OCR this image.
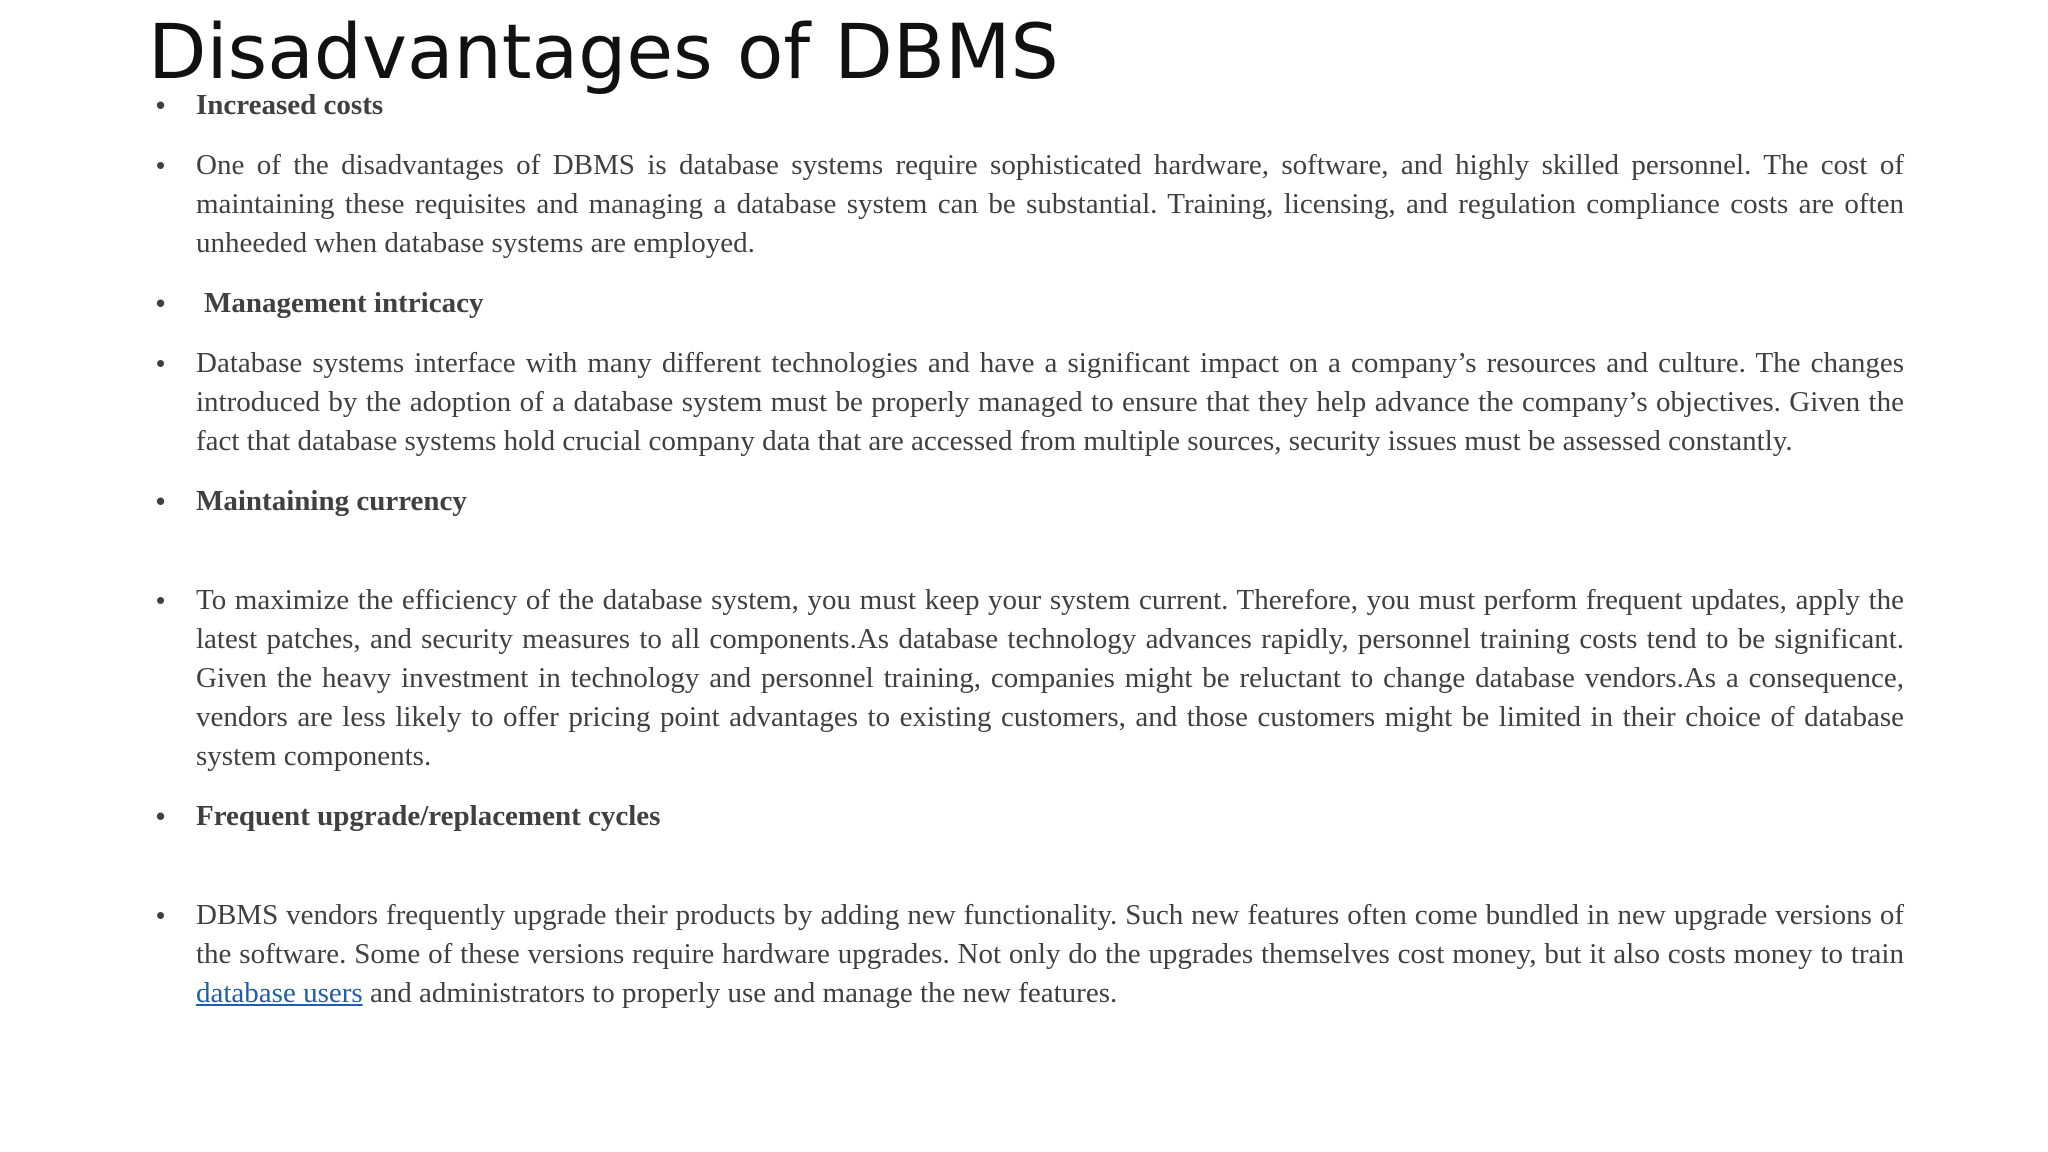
Disadvantages of DBMS
• Increased costs
• One of the disadvantages of DBMS is database systems require sophisticated hardware, software, and highly skilled personnel. The cost of maintaining these requisites and managing a database system can be substantial. Training, licensing, and regulation compliance costs are often unheeded when database systems are employed.
• Management intricacy
• Database systems interface with many different technologies and have a significant impact on a company’s resources and culture. The changes introduced by the adoption of a database system must be properly managed to ensure that they help advance the company’s objectives. Given the fact that database systems hold crucial company data that are accessed from multiple sources, security issues must be assessed constantly.
• Maintaining currency
• To maximize the efficiency of the database system, you must keep your system current. Therefore, you must perform frequent updates, apply the latest patches, and security measures to all components.As database technology advances rapidly, personnel training costs tend to be significant. Given the heavy investment in technology and personnel training, companies might be reluctant to change database vendors.As a consequence, vendors are less likely to offer pricing point advantages to existing customers, and those customers might be limited in their choice of database system components.
• Frequent upgrade/replacement cycles
• DBMS vendors frequently upgrade their products by adding new functionality. Such new features often come bundled in new upgrade versions of the software. Some of these versions require hardware upgrades. Not only do the upgrades themselves cost money, but it also costs money to train database users and administrators to properly use and manage the new features.
